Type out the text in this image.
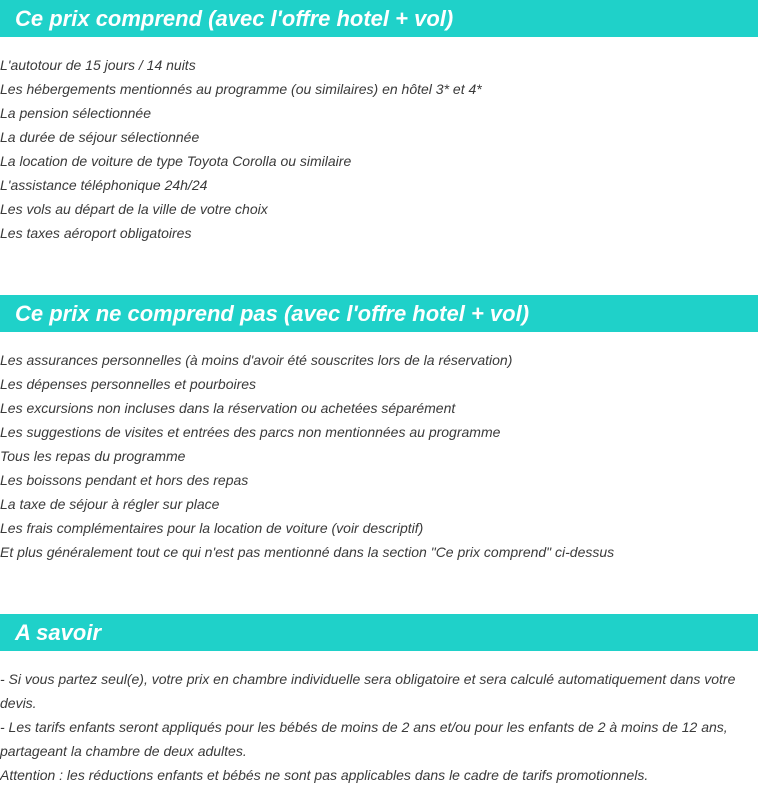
Ce prix comprend (avec l'offre hotel + vol)
L'autotour de 15 jours / 14 nuits
Les hébergements mentionnés au programme (ou similaires) en hôtel 3* et 4*
La pension sélectionnée
La durée de séjour sélectionnée
La location de voiture de type Toyota Corolla ou similaire
L'assistance téléphonique 24h/24
Les vols au départ de la ville de votre choix
Les taxes aéroport obligatoires
Ce prix ne comprend pas (avec l'offre hotel + vol)
Les assurances personnelles (à moins d'avoir été souscrites lors de la réservation)
Les dépenses personnelles et pourboires
Les excursions non incluses dans la réservation ou achetées séparément
Les suggestions de visites et entrées des parcs non mentionnées au programme
Tous les repas du programme
Les boissons pendant et hors des repas
La taxe de séjour à régler sur place
Les frais complémentaires pour la location de voiture (voir descriptif)
Et plus généralement tout ce qui n'est pas mentionné dans la section "Ce prix comprend" ci-dessus
A savoir

- Si vous partez seul(e), votre prix en chambre individuelle sera obligatoire et sera calculé automatiquement dans votre devis.

- Les tarifs enfants seront appliqués pour les bébés de moins de 2 ans et/ou pour les enfants de 2 à moins de 12 ans, partageant la chambre de deux adultes.

Attention : les réductions enfants et bébés ne sont pas applicables dans le cadre de tarifs promotionnels.
